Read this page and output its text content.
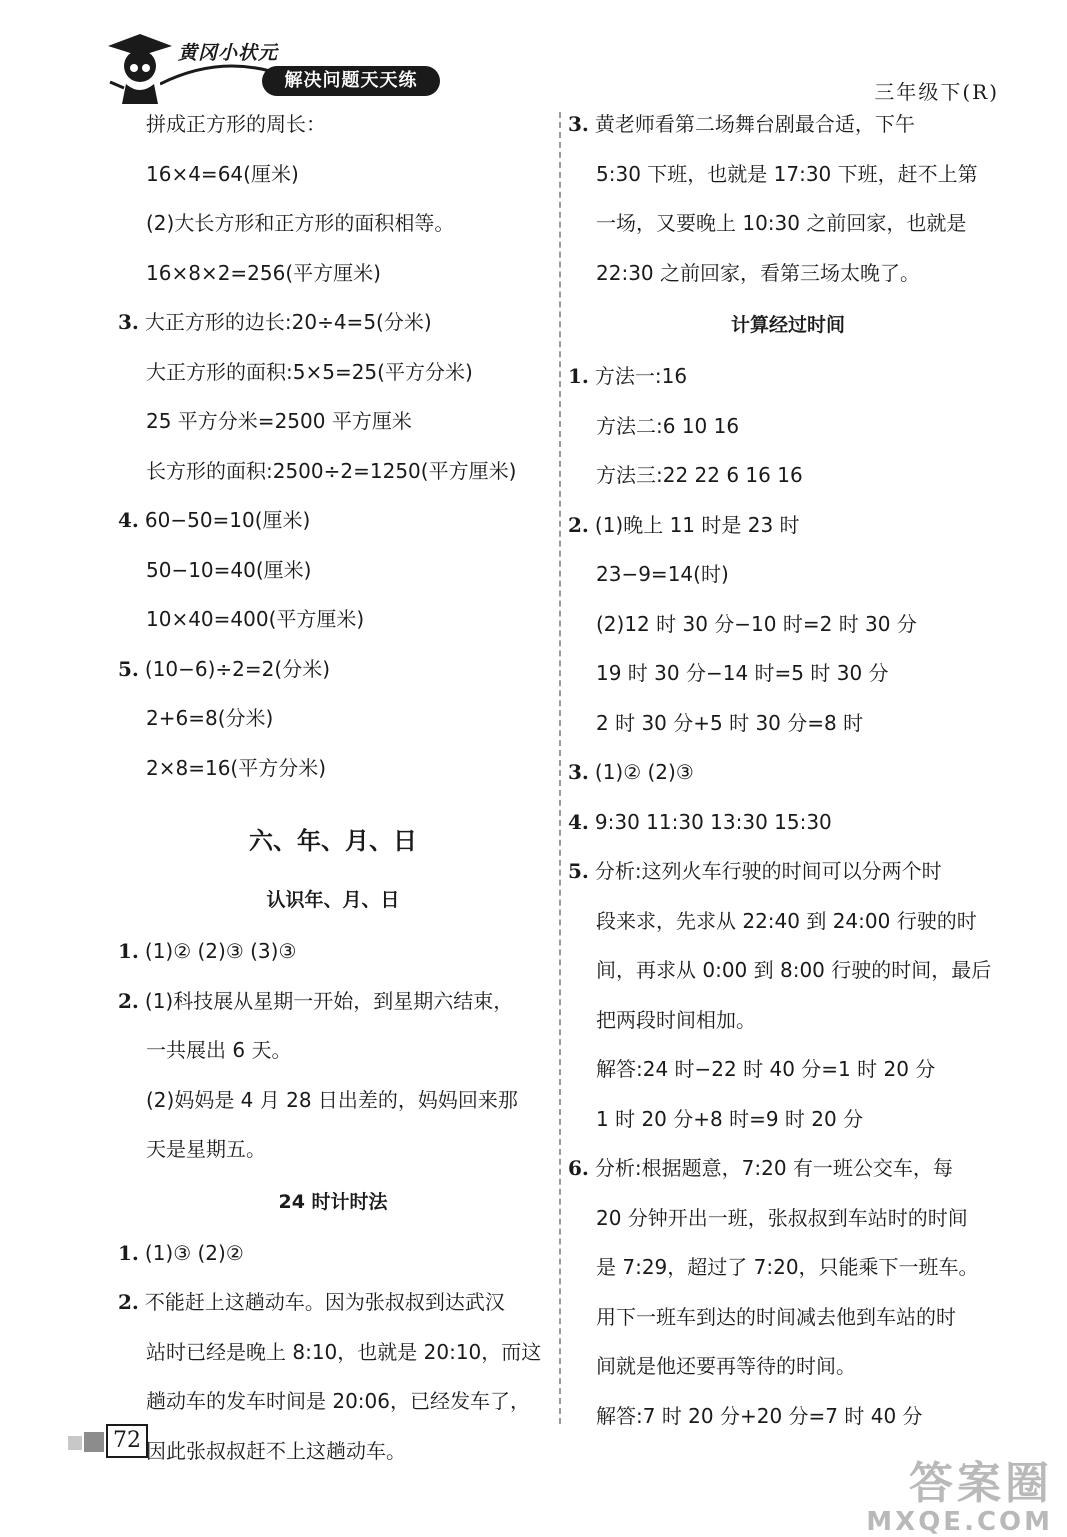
黄冈小状元
解决问题天天练	三年级下(R)
拼成正方形的周长：
16×4=64(厘米)
(2)大长方形和正方形的面积相等。
16×8×2=256(平方厘米)
3. 大正方形的边长:20÷4=5(分米)
大正方形的面积:5×5=25(平方分米)
25 平方分米=2500 平方厘米
长方形的面积:2500÷2=1250(平方厘米)
4. 60−50=10(厘米)
50−10=40(厘米)
10×40=400(平方厘米)
5. (10−6)÷2=2(分米)
2+6=8(分米)
2×8=16(平方分米)
六、年、月、日
认识年、月、日
1. (1)② (2)③ (3)③
2. (1)科技展从星期一开始，到星期六结束，
一共展出 6 天。
(2)妈妈是 4 月 28 日出差的，妈妈回来那
天是星期五。
24 时计时法
1. (1)③ (2)②
2. 不能赶上这趟动车。因为张叔叔到达武汉
站时已经是晚上 8:10，也就是 20:10，而这
趟动车的发车时间是 20:06，已经发车了，
因此张叔叔赶不上这趟动车。
3. 黄老师看第二场舞台剧最合适，下午
5:30 下班，也就是 17:30 下班，赶不上第
一场，又要晚上 10:30 之前回家，也就是
22:30 之前回家，看第三场太晚了。
计算经过时间
1. 方法一:16
方法二:6 10 16
方法三:22 22 6 16 16
2. (1)晚上 11 时是 23 时
23−9=14(时)
(2)12 时 30 分−10 时=2 时 30 分
19 时 30 分−14 时=5 时 30 分
2 时 30 分+5 时 30 分=8 时
3. (1)② (2)③
4. 9:30 11:30 13:30 15:30
5. 分析:这列火车行驶的时间可以分两个时
段来求，先求从 22:40 到 24:00 行驶的时
间，再求从 0:00 到 8:00 行驶的时间，最后
把两段时间相加。
解答:24 时−22 时 40 分=1 时 20 分
1 时 20 分+8 时=9 时 20 分
6. 分析:根据题意，7:20 有一班公交车，每
20 分钟开出一班，张叔叔到车站时的时间
是 7:29，超过了 7:20，只能乘下一班车。
用下一班车到达的时间减去他到车站的时
间就是他还要再等待的时间。
解答:7 时 20 分+20 分=7 时 40 分
72
答案圈
MXQE.COM
